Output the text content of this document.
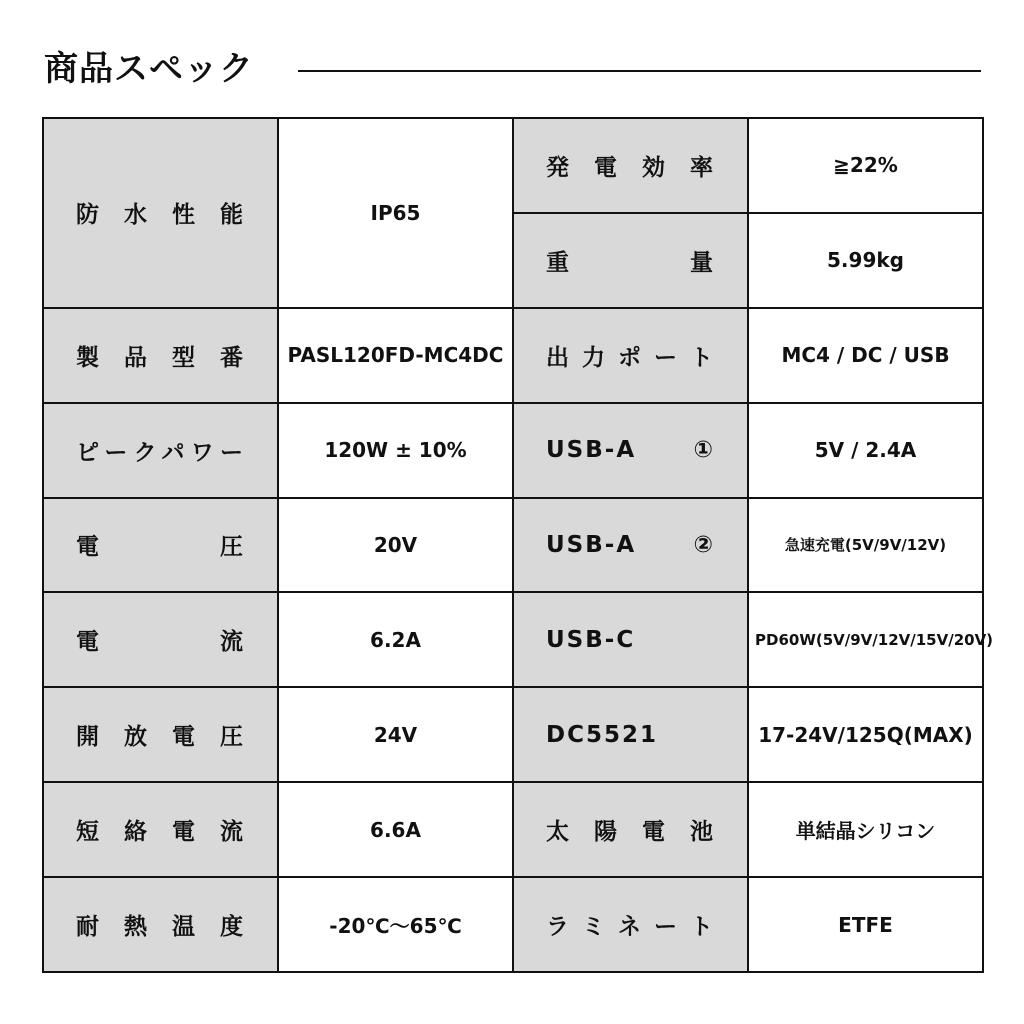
商品スペック
防水性能	IP65	発電効率	≧22%

		重量	5.99kg

製品型番	PASL120FD-MC4DC	出力ポート	MC4 / DC / USB

ピークパワー	120W ± 10%	USB-A①	5V / 2.4A

電圧	20V	USB-A②	急速充電(5V/9V/12V)

電流	6.2A	USB-C	PD60W(5V/9V/12V/15V/20V)

開放電圧	24V	DC5521	17-24V/125Q(MAX)

短絡電流	6.6A	太陽電池	単結晶シリコン

耐熱温度	-20℃～65℃	ラミネート	ETFE
